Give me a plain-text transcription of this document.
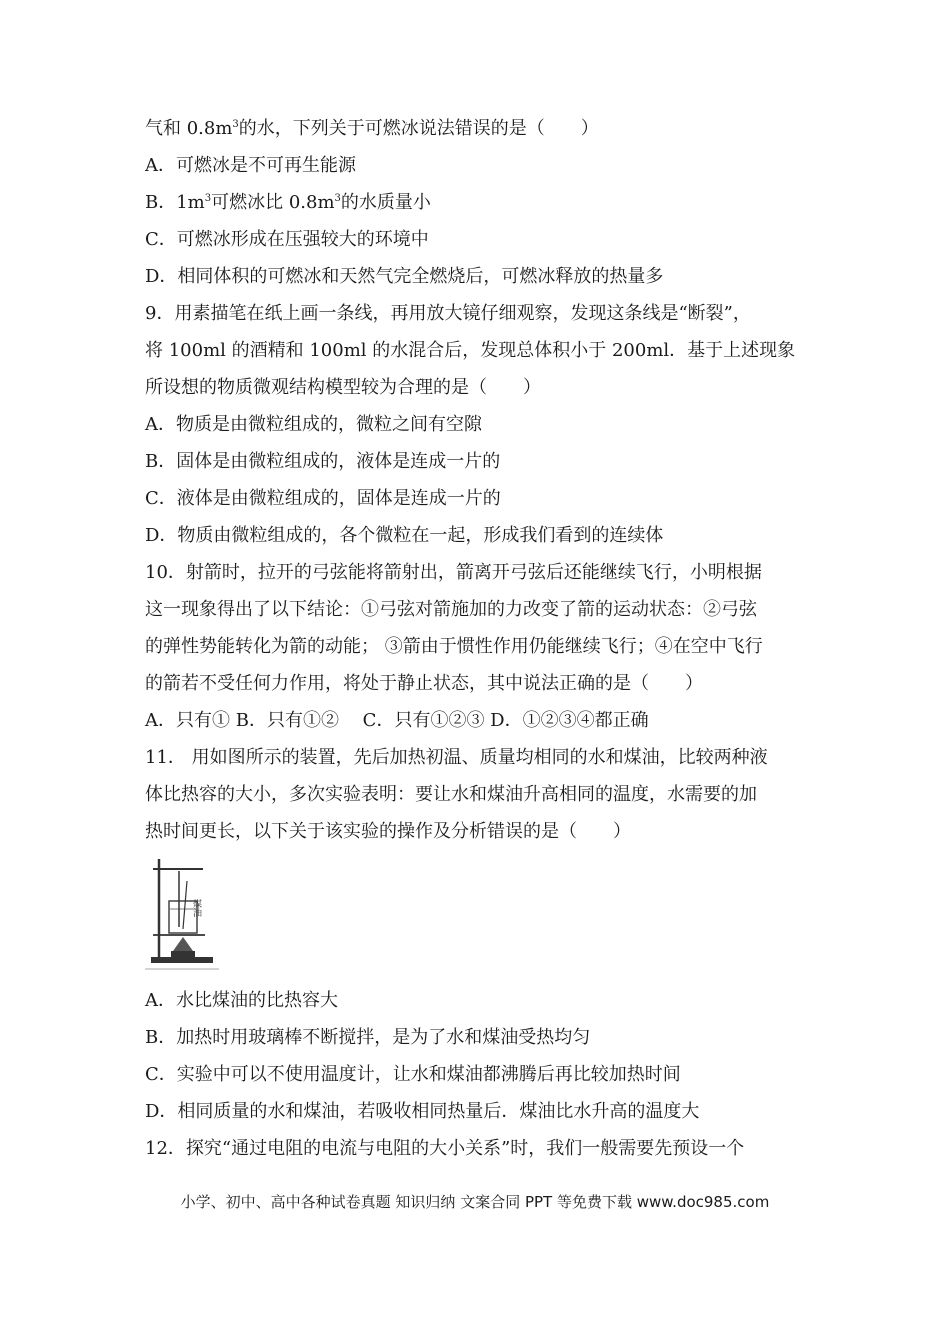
气和 $0.8m^3$的水，下列关于可燃冰说法错误的是（　　）
A．可燃冰是不可再生能源
B．$1m^3$可燃冰比 $0.8m^3$的水质量小
C．可燃冰形成在压强较大的环境中
D．相同体积的可燃冰和天然气完全燃烧后，可燃冰释放的热量多
9．用素描笔在纸上画一条线，再用放大镜仔细观察，发现这条线是“断裂”，
将 100ml 的酒精和 100ml 的水混合后，发现总体积小于 200ml．基于上述现象
所设想的物质微观结构模型较为合理的是（　　）
A．物质是由微粒组成的，微粒之间有空隙
B．固体是由微粒组成的，液体是连成一片的
C．液体是由微粒组成的，固体是连成一片的
D．物质由微粒组成的，各个微粒在一起，形成我们看到的连续体
10．射箭时，拉开的弓弦能将箭射出，箭离开弓弦后还能继续飞行，小明根据
这一现象得出了以下结论：①弓弦对箭施加的力改变了箭的运动状态：②弓弦
的弹性势能转化为箭的动能； ③箭由于惯性作用仍能继续飞行；④在空中飞行
的箭若不受任何力作用，将处于静止状态，其中说法正确的是（　　）
A．只有① B．只有①②　 C．只有①②③ D．①②③④都正确
11． 用如图所示的装置，先后加热初温、质量均相同的水和煤油，比较两种液
体比热容的大小，多次实验表明：要让水和煤油升高相同的温度，水需要的加
热时间更长，以下关于该实验的操作及分析错误的是（　　）
煤油
A．水比煤油的比热容大
B．加热时用玻璃棒不断搅拌，是为了水和煤油受热均匀
C．实验中可以不使用温度计，让水和煤油都沸腾后再比较加热时间
D．相同质量的水和煤油，若吸收相同热量后．煤油比水升高的温度大
12．探究“通过电阻的电流与电阻的大小关系”时，我们一般需要先预设一个
小学、初中、高中各种试卷真题 知识归纳 文案合同 PPT 等免费下载 www.doc985.com
